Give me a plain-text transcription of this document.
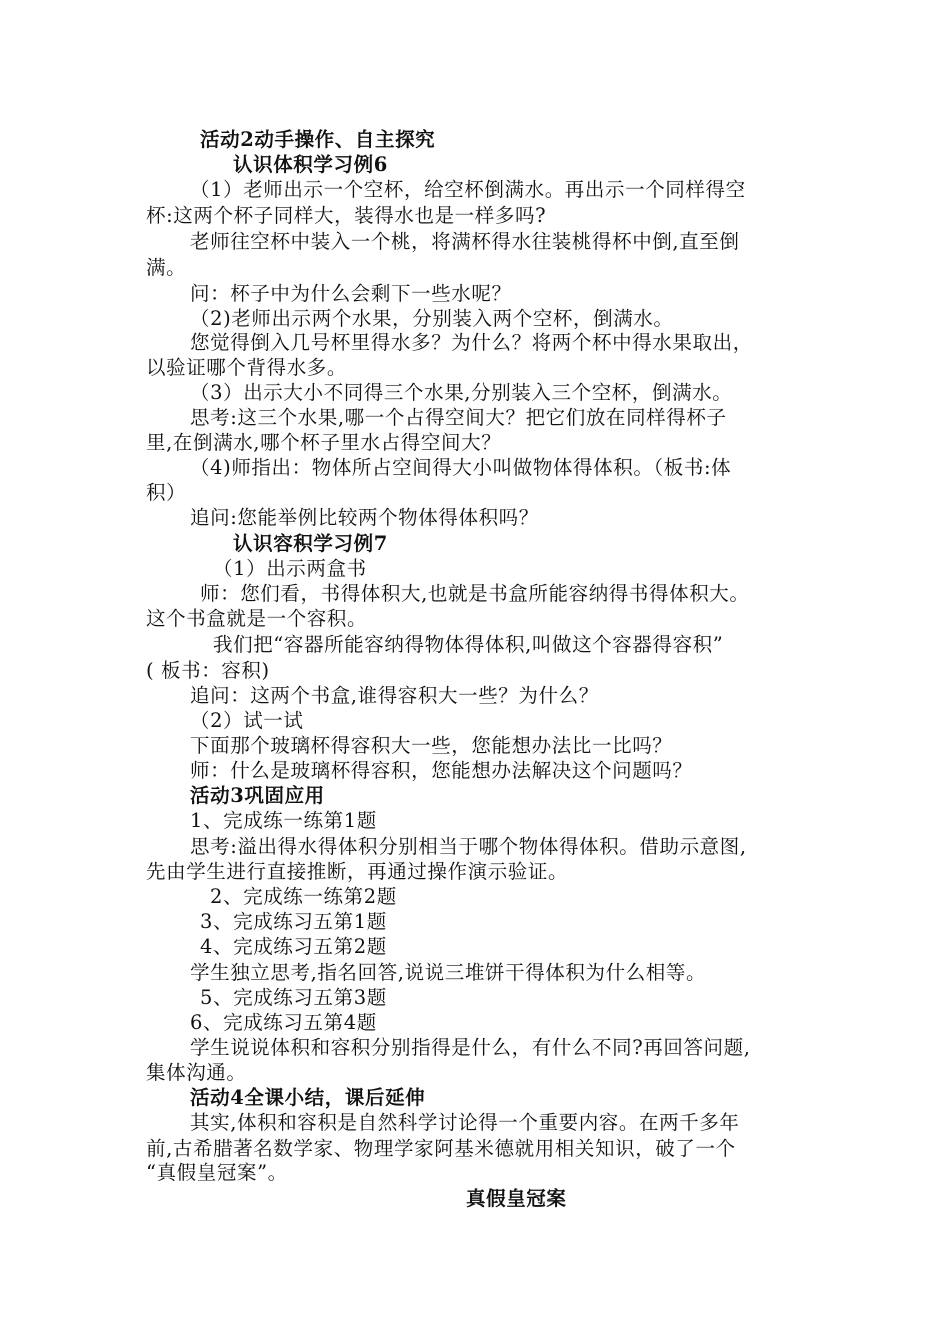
活动2动手操作、自主探究
认识体积学习例6
（1）老师出示一个空杯，给空杯倒满水。再出示一个同样得空
杯:这两个杯子同样大，装得水也是一样多吗?
老师往空杯中装入一个桃，将满杯得水往装桃得杯中倒,直至倒
满。
问：杯子中为什么会剩下一些水呢？
（2)老师出示两个水果，分别装入两个空杯，倒满水。
您觉得倒入几号杯里得水多？为什么？将两个杯中得水果取出，
以验证哪个背得水多。
（3）出示大小不同得三个水果,分别装入三个空杯，倒满水。
思考:这三个水果,哪一个占得空间大？把它们放在同样得杯子
里,在倒满水,哪个杯子里水占得空间大？
（4)师指出：物体所占空间得大小叫做物体得体积。（板书:体
积）
追问:您能举例比较两个物体得体积吗？
认识容积学习例7
（1）出示两盒书
师：您们看，书得体积大,也就是书盒所能容纳得书得体积大。
这个书盒就是一个容积。
我们把“容器所能容纳得物体得体积,叫做这个容器得容积”
( 板书：容积)
追问：这两个书盒,谁得容积大一些？为什么？
（2）试一试
下面那个玻璃杯得容积大一些，您能想办法比一比吗？
师：什么是玻璃杯得容积，您能想办法解决这个问题吗？
活动3巩固应用
1、完成练一练第1题
思考:溢出得水得体积分别相当于哪个物体得体积。借助示意图,
先由学生进行直接推断，再通过操作演示验证。
2、完成练一练第2题
3、完成练习五第1题
4、完成练习五第2题
学生独立思考,指名回答,说说三堆饼干得体积为什么相等。
5、完成练习五第3题
6、完成练习五第4题
学生说说体积和容积分别指得是什么，有什么不同?再回答问题,
集体沟通。
活动4全课小结，课后延伸
其实,体积和容积是自然科学讨论得一个重要内容。在两千多年
前,古希腊著名数学家、物理学家阿基米德就用相关知识，破了一个
“真假皇冠案”。
真假皇冠案
